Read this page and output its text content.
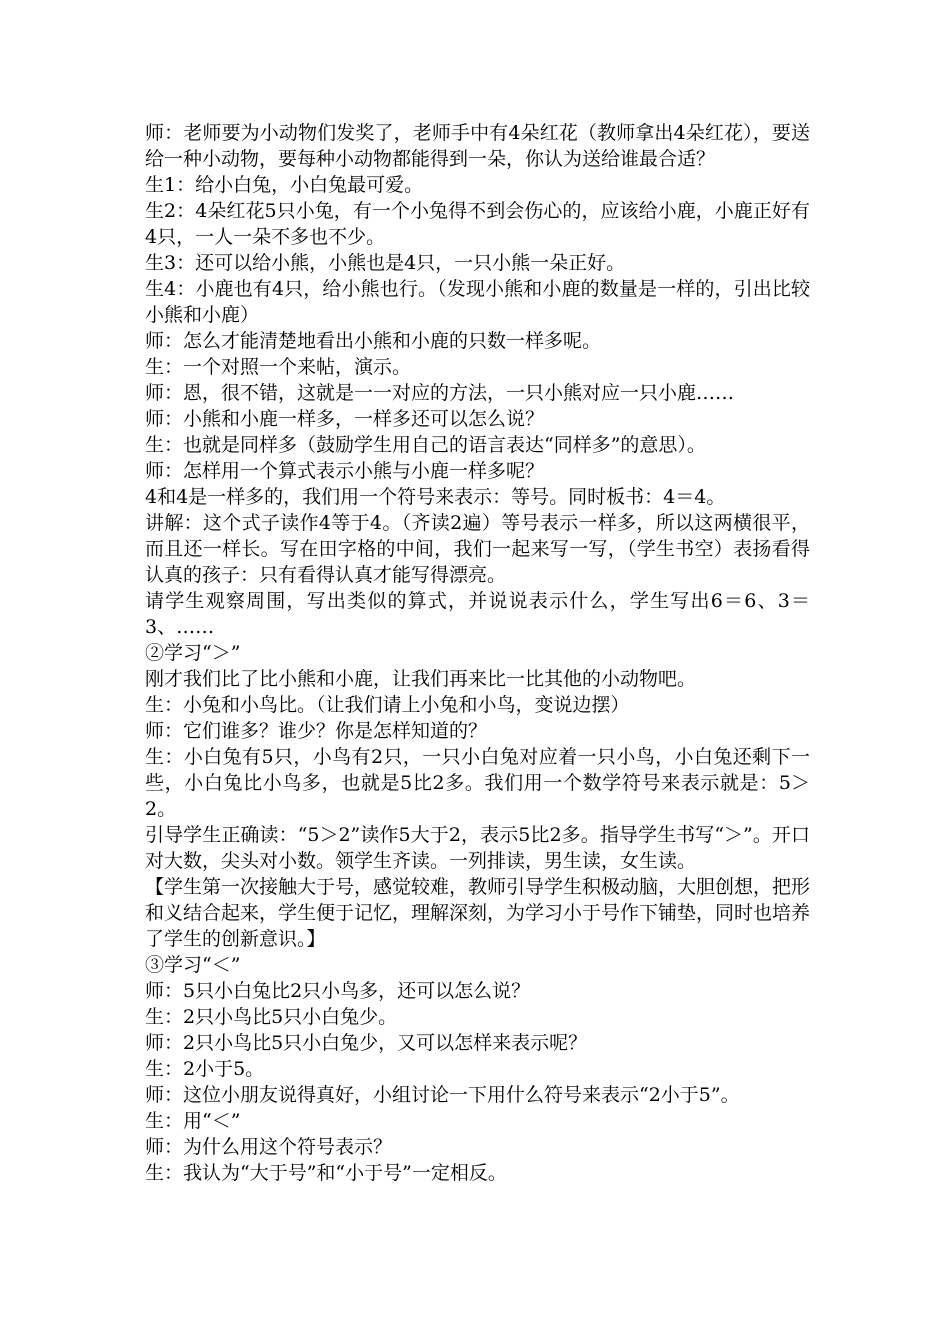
师：老师要为小动物们发奖了，老师手中有4朵红花（教师拿出4朵红花），要送给一种小动物，要每种小动物都能得到一朵，你认为送给谁最合适？

生1：给小白兔，小白兔最可爱。

生2：4朵红花5只小兔，有一个小兔得不到会伤心的，应该给小鹿，小鹿正好有4只，一人一朵不多也不少。

生3：还可以给小熊，小熊也是4只，一只小熊一朵正好。

生4：小鹿也有4只，给小熊也行。（发现小熊和小鹿的数量是一样的，引出比较小熊和小鹿）

师：怎么才能清楚地看出小熊和小鹿的只数一样多呢。

生：一个对照一个来帖，演示。

师：恩，很不错，这就是一一对应的方法，一只小熊对应一只小鹿……

师：小熊和小鹿一样多，一样多还可以怎么说？

生：也就是同样多（鼓励学生用自己的语言表达“同样多”的意思）。

师：怎样用一个算式表示小熊与小鹿一样多呢？

4和4是一样多的，我们用一个符号来表示：等号。同时板书：4＝4。

讲解：这个式子读作4等于4。（齐读2遍）等号表示一样多，所以这两横很平，而且还一样长。写在田字格的中间，我们一起来写一写，（学生书空）表扬看得认真的孩子：只有看得认真才能写得漂亮。

请学生观察周围，写出类似的算式，并说说表示什么，学生写出6＝6、3＝3、……

②学习“＞”

刚才我们比了比小熊和小鹿，让我们再来比一比其他的小动物吧。

生：小兔和小鸟比。（让我们请上小兔和小鸟，变说边摆）

师：它们谁多？谁少？你是怎样知道的？

生：小白兔有5只，小鸟有2只，一只小白兔对应着一只小鸟，小白兔还剩下一些，小白兔比小鸟多，也就是5比2多。我们用一个数学符号来表示就是：5＞2。

引导学生正确读：“5＞2”读作5大于2，表示5比2多。指导学生书写“＞”。开口对大数，尖头对小数。领学生齐读。一列排读，男生读，女生读。

【学生第一次接触大于号，感觉较难，教师引导学生积极动脑，大胆创想，把形和义结合起来，学生便于记忆，理解深刻，为学习小于号作下铺垫，同时也培养了学生的创新意识。】

③学习“＜”

师：5只小白兔比2只小鸟多，还可以怎么说？

生：2只小鸟比5只小白兔少。

师：2只小鸟比5只小白兔少，又可以怎样来表示呢？

生：2小于5。

师：这位小朋友说得真好，小组讨论一下用什么符号来表示“2小于5”。

生：用“＜”

师：为什么用这个符号表示？

生：我认为“大于号”和“小于号”一定相反。
